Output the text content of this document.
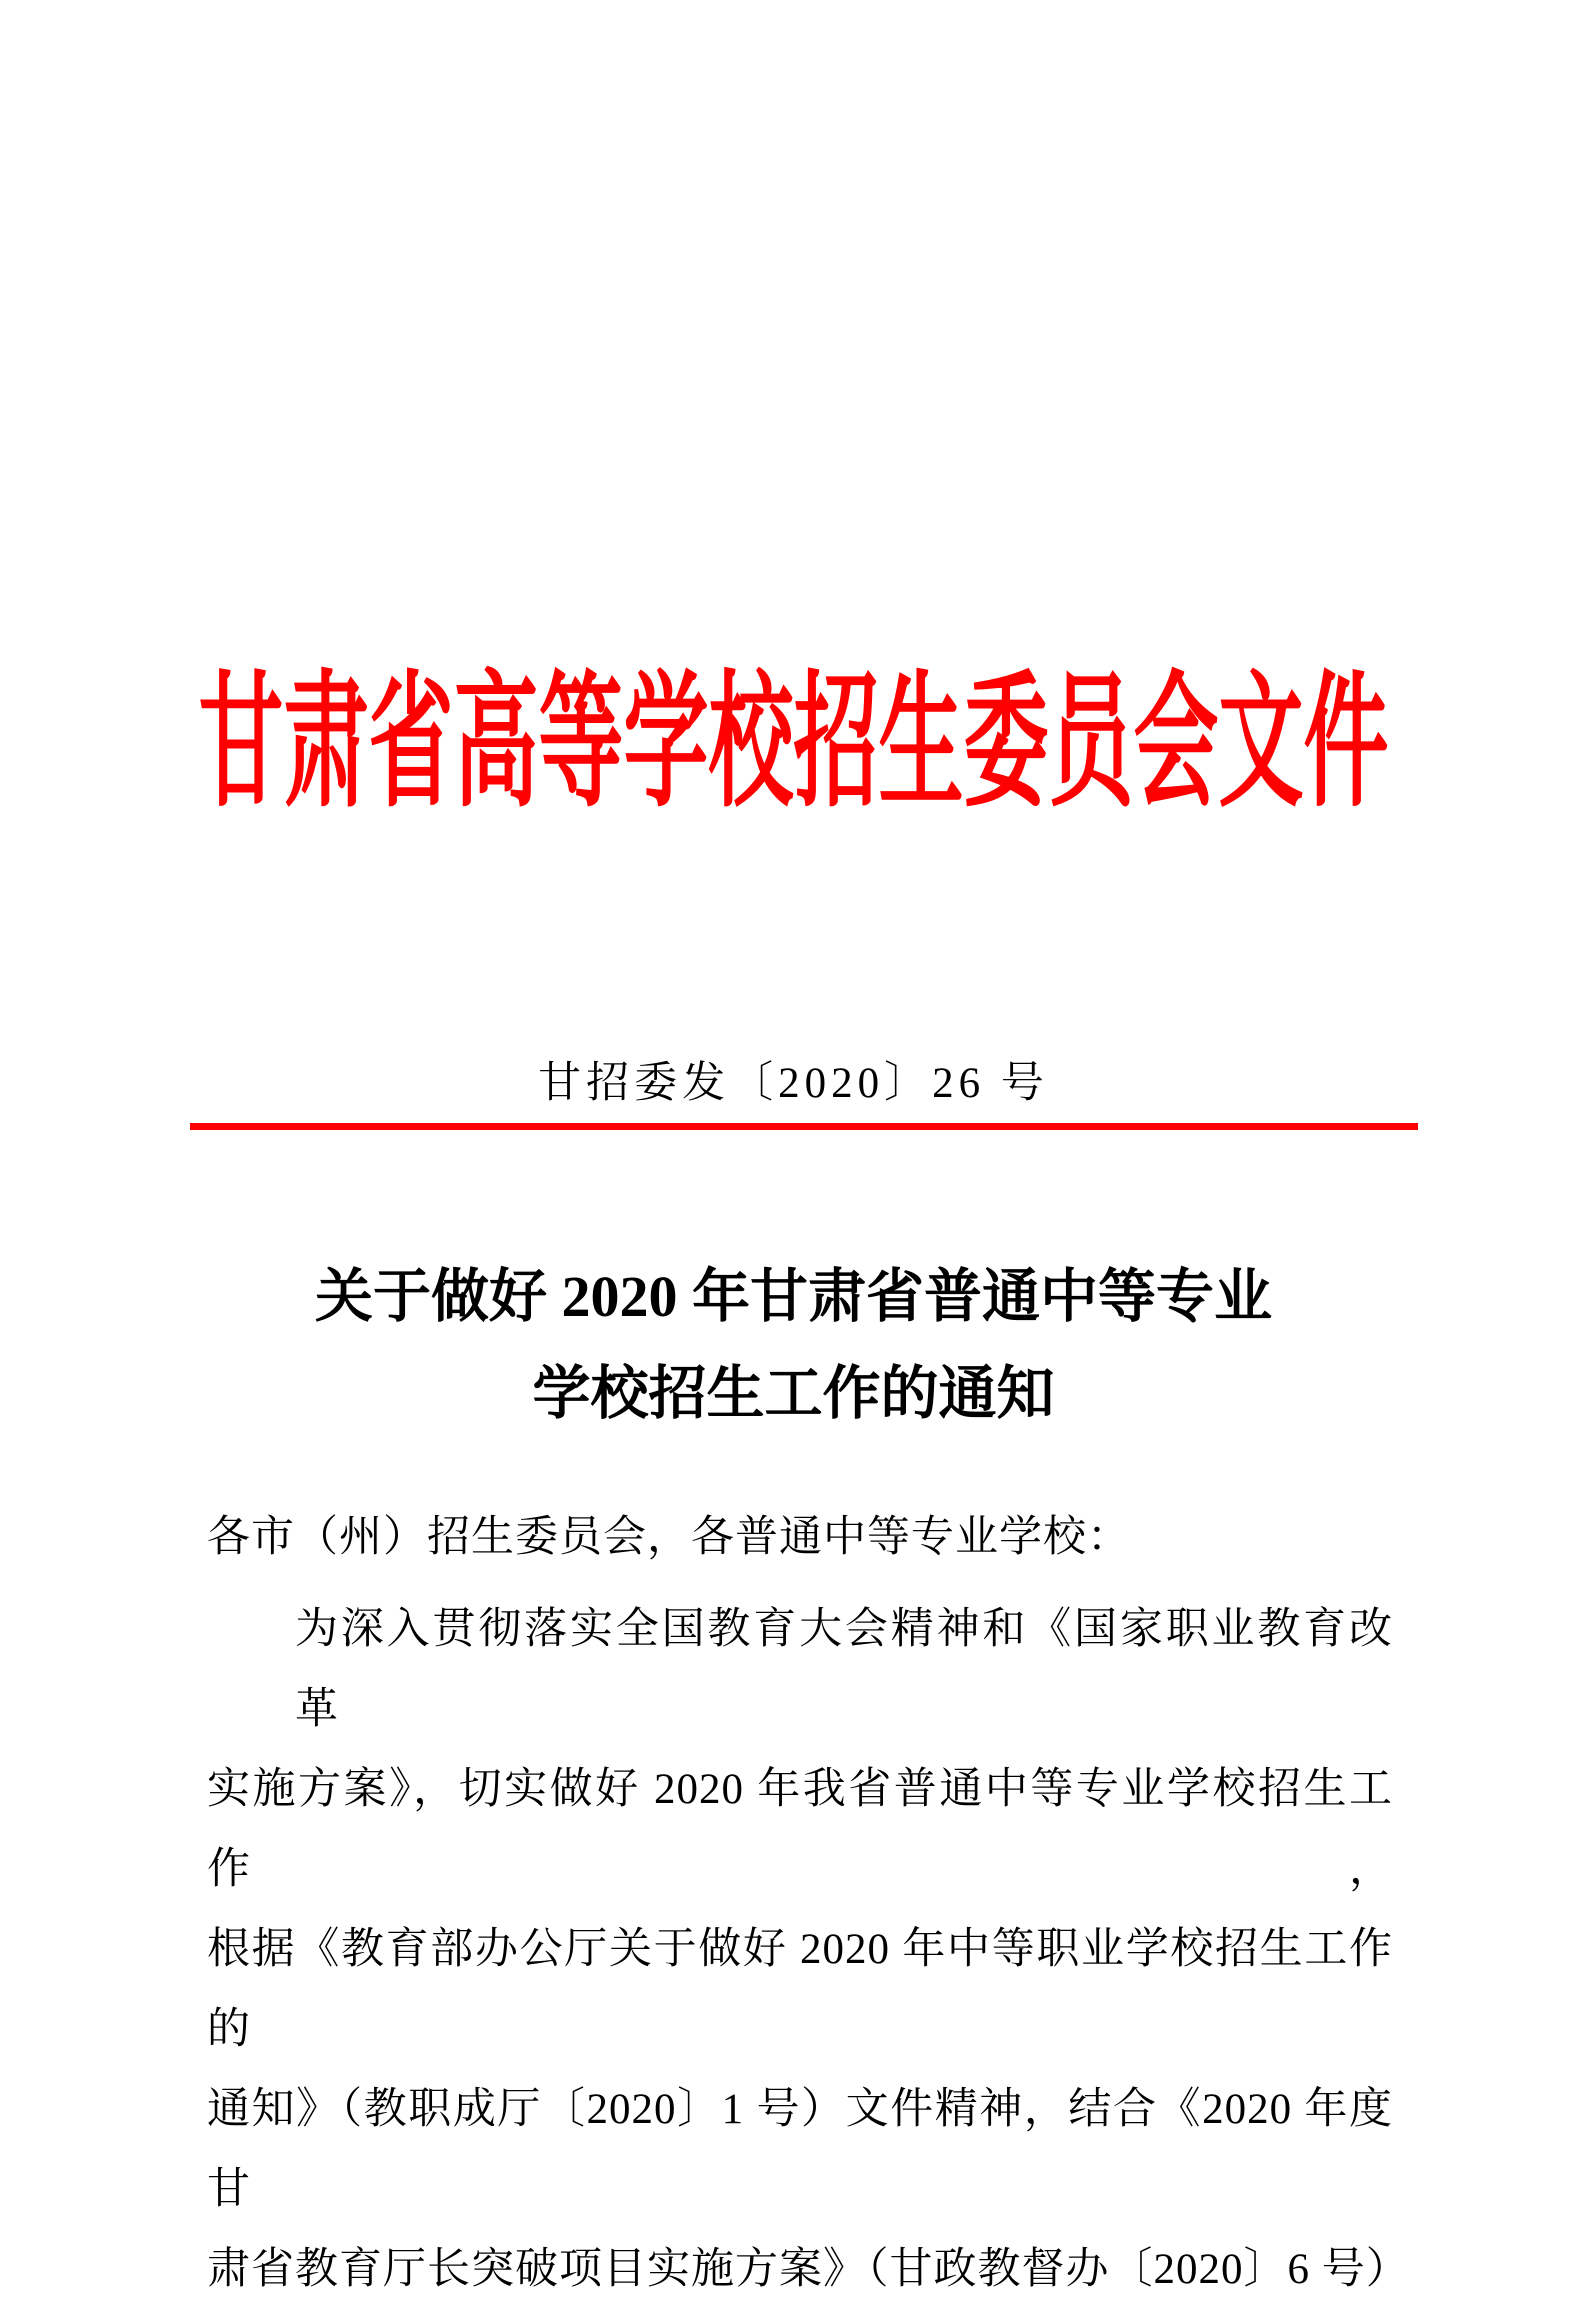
甘肃省高等学校招生委员会文件
甘招委发〔2020〕26 号
关于做好 2020 年甘肃省普通中等专业
学校招生工作的通知
各市（州）招生委员会，各普通中等专业学校：
为深入贯彻落实全国教育大会精神和《国家职业教育改革
实施方案》，切实做好 2020 年我省普通中等专业学校招生工作，
根据《教育部办公厅关于做好 2020 年中等职业学校招生工作的
通知》（教职成厅〔2020〕1 号）文件精神，结合《2020 年度甘
肃省教育厅长突破项目实施方案》（甘政教督办〔2020〕6 号）
